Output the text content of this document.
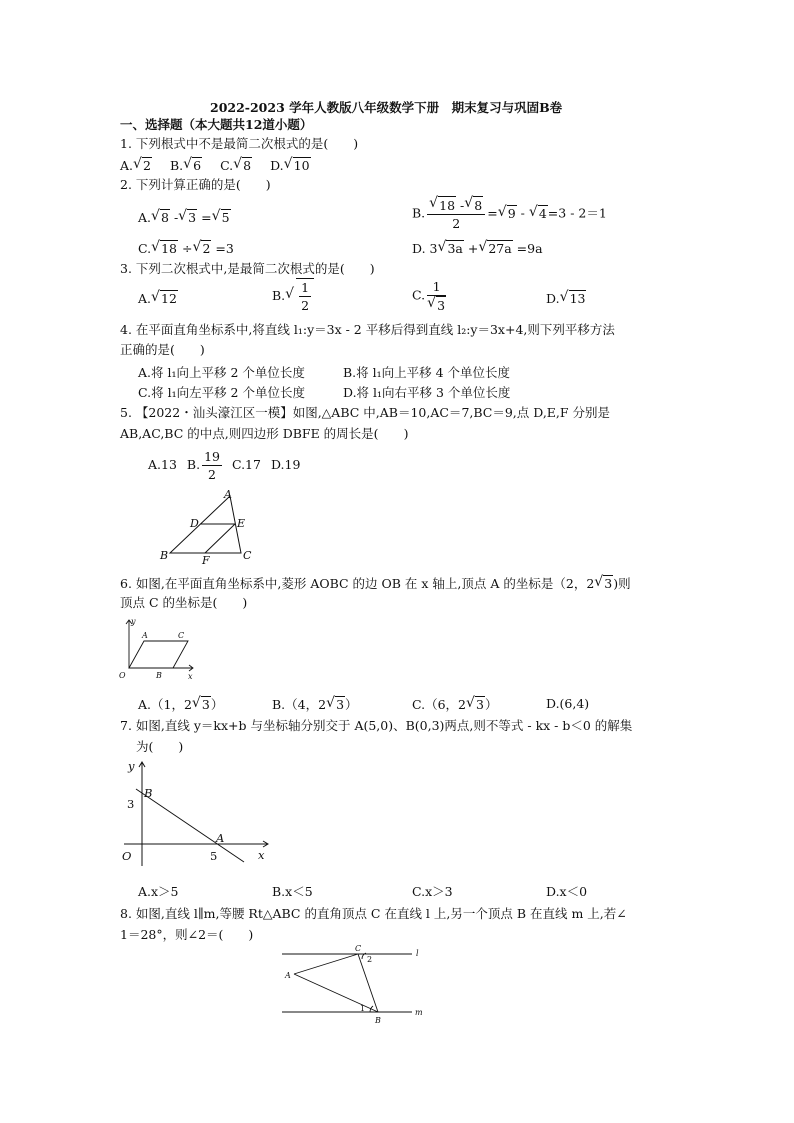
2022-2023 学年人教版八年级数学下册　期末复习与巩固B卷
一、选择题（本大题共12道小题）
1. 下列根式中不是最简二次根式的是(　　)
A. √ 2 B. √ 6 C. √ 8 D. √ 10
2. 下列计算正确的是(　　)
A. √ 8 - √ 3 = √ 5	B. $\frac{√ 18 - √ 8}{2}$ = √ 9 - √ 4=3 - 2＝1
C. √ 18 ÷ √ 2 =3	D. 3 √ 3a + √ 27a =9a
3. 下列二次根式中,是最简二次根式的是(　　)
A. √ 12	B. √ $\frac{1}{2}$	C. $\frac{1}{√ 3}$	D. √ 13
4. 在平面直角坐标系中,将直线 l₁:y＝3x - 2 平移后得到直线 l₂:y＝3x+4,则下列平移方法
正确的是(　　)
A.将 l₁向上平移 2 个单位长度	B.将 l₁向上平移 4 个单位长度
C.将 l₁向左平移 2 个单位长度	D.将 l₁向右平移 3 个单位长度
5. 【2022・汕头濠江区一模】如图,△ABC 中,AB＝10,AC＝7,BC＝9,点 D,E,F 分别是
AB,AC,BC 的中点,则四边形 DBFE 的周长是(　　)
A.13 B. $\frac{19}{2} C.17$ D.19
A
B	C
D	E
F
6. 如图,在平面直角坐标系中,菱形 AOBC 的边 OB 在 x 轴上,顶点 A 的坐标是（2，2 √ 3)则
顶点 C 的坐标是(　　)
y
x
O
A	C
B
A.（1，2 √ 3）	B.（4，2 √ 3）	C.（6，2 √ 3）	D.(6,4)
7. 如图,直线 y＝kx+b 与坐标轴分别交于 A(5,0)、B(0,3)两点,则不等式 - kx - b＜0 的解集
为(　　)
y
x
O
B
A
3
5
A.x＞5	B.x＜5	C.x＞3	D.x＜0
8. 如图,直线 l∥m,等腰 Rt△ABC 的直角顶点 C 在直线 l 上,另一个顶点 B 在直线 m 上,若∠
1＝28°，则∠2＝(　　)
C
A
B
l
m
2
1
